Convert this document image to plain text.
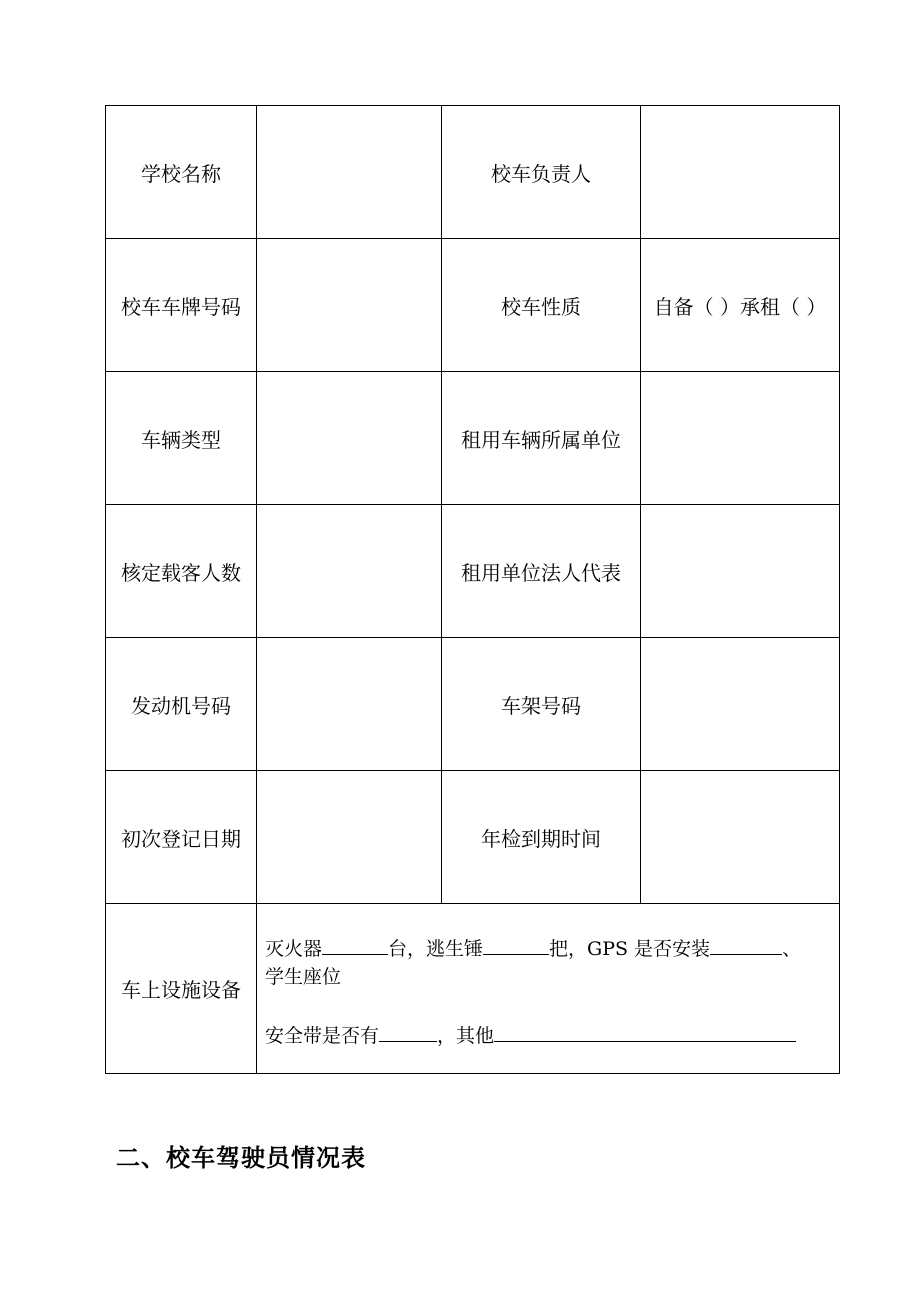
学校名称		校车负责人	
校车车牌号码		校车性质	自备（ ）承租（ ）
车辆类型		租用车辆所属单位	
核定载客人数		租用单位法人代表	
发动机号码		车架号码	
初次登记日期		年检到期时间	
车上设施设备	灭火器 台，逃生锤 把，GPS 是否安装 、
学生座位
安全带是否有 ，其他		
二、校车驾驶员情况表
